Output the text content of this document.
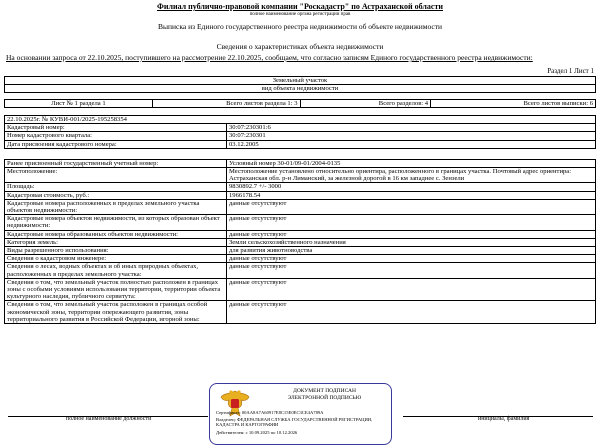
Филиал публично-правовой компании "Роскадастр" по Астраханской области
полное наименование органа регистрации прав
Выписка из Единого государственного реестра недвижимости об объекте недвижимости
Сведения о характеристиках объекта недвижимости
На основании запроса от 22.10.2025, поступившего на рассмотрение 22.10.2025, сообщаем, что согласно записям Единого государственного реестра недвижимости:
Раздел 1 Лист 1
Земельный участок
вид объекта недвижимости
Лист № 1 раздела 1	Всего листов раздела 1: 3	Всего разделов: 4	Всего листов выписки: 6
22.10.2025г. № КУВИ-001/2025-195258354	
Кадастровый номер:	30:07:230301:6
Номер кадастрового квартала:	30:07:230301
Дата присвоения кадастрового номера:	03.12.2005

Ранее присвоенный государственный учетный номер:	Условный номер 30-01/09-01/2004-0135
Местоположение:	Местоположение установлено относительно ориентира, расположенного в границах участка. Почтовый адрес ориентира: Астраханская обл. р-н Лиманский, за железной дорогой в 16 км западнее с. Зензели
Площадь:	9830892.7 +/- 3000
Кадастровая стоимость, руб.:	1966178.54
Кадастровые номера расположенных в пределах земельного участка объектов недвижимости:	данные отсутствуют
Кадастровые номера объектов недвижимости, из которых образован объект недвижимости:	данные отсутствуют
Кадастровые номера образованных объектов недвижимости:	данные отсутствуют
Категория земель:	Земли сельскохозяйственного назначения
Виды разрешенного использования:	для развития животноводства
Сведения о кадастровом инженере:	данные отсутствуют
Сведения о лесах, водных объектах и об иных природных объектах, расположенных в пределах земельного участка:	данные отсутствуют
Сведения о том, что земельный участок полностью расположен в границах зоны с особыми условиями использования территории, территории объекта культурного наследия, публичного сервитута:	данные отсутствуют
Сведения о том, что земельный участок расположен в границах особой экономической зоны, территории опережающего развития, зоны территориального развития в Российской Федерации, игорной зоны:	данные отсутствуют
полное наименование должности	инициалы, фамилия
ДОКУМЕНТ ПОДПИСАН
ЭЛЕКТРОННОЙ ПОДПИСЬЮ
Сертификат: 00AA8A7A60917E8C15E0EC3CE4A789A
Владелец: ФЕДЕРАЛЬНАЯ СЛУЖБА ГОСУДАРСТВЕННОЙ РЕГИСТРАЦИИ, КАДАСТРА И КАРТОГРАФИИ
Действителен: с 10.09.2025 по 10.12.2026
